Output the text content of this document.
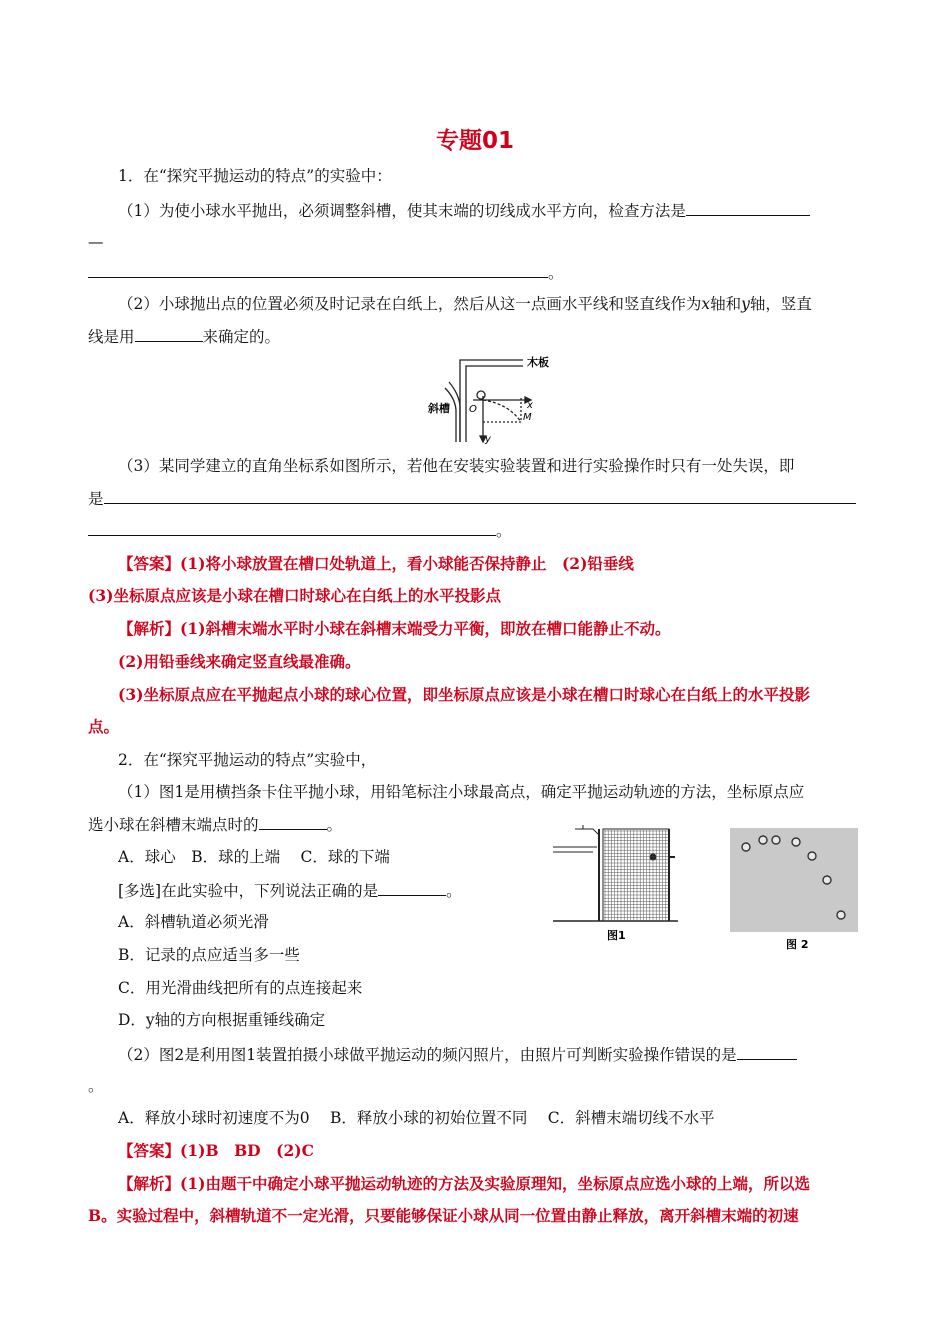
专题01
1．在“探究平抛运动的特点”的实验中：
（1）为使小球水平抛出，必须调整斜槽，使其末端的切线成水平方向，检查方法是
—
。
（2）小球抛出点的位置必须及时记录在白纸上，然后从这一点画水平线和竖直线作为x轴和y轴，竖直
线是用	来确定的。
木板
斜槽 O	x
y
M
（3）某同学建立的直角坐标系如图所示，若他在安装实验装置和进行实验操作时只有一处失误，即
是
。
【答案】(1)将小球放置在槽口处轨道上，看小球能否保持静止　(2)铅垂线
(3)坐标原点应该是小球在槽口时球心在白纸上的水平投影点
【解析】(1)斜槽末端水平时小球在斜槽末端受力平衡，即放在槽口能静止不动。
(2)用铅垂线来确定竖直线最准确。
(3)坐标原点应在平抛起点小球的球心位置，即坐标原点应该是小球在槽口时球心在白纸上的水平投影
点。
2．在“探究平抛运动的特点”实验中，
（1）图1是用横挡条卡住平抛小球，用铅笔标注小球最高点，确定平抛运动轨迹的方法，坐标原点应
选小球在斜槽末端点时的	。
A．球心　B．球的上端　 C．球的下端
[多选]在此实验中，下列说法正确的是	。
A．斜槽轨道必须光滑
B．记录的点应适当多一些
C．用光滑曲线把所有的点连接起来
D．y轴的方向根据重锤线确定
图1
图 2
（2）图2是利用图1装置拍摄小球做平抛运动的频闪照片，由照片可判断实验操作错误的是
。
A．释放小球时初速度不为0　 B．释放小球的初始位置不同　 C．斜槽末端切线不水平
【答案】(1)B　BD　(2)C
【解析】(1)由题干中确定小球平抛运动轨迹的方法及实验原理知，坐标原点应选小球的上端，所以选
B。实验过程中，斜槽轨道不一定光滑，只要能够保证小球从同一位置由静止释放，离开斜槽末端的初速
